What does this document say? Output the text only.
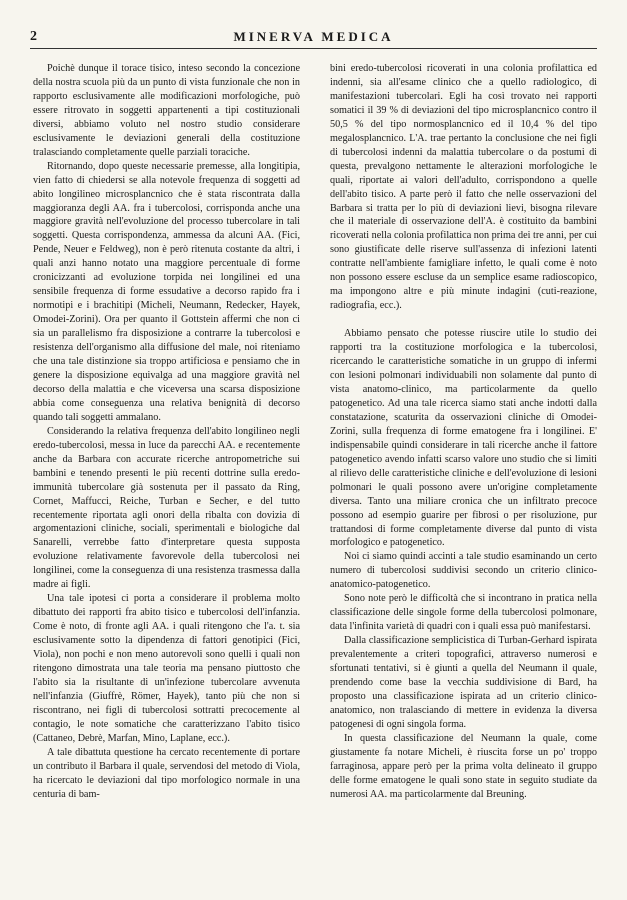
2	MINERVA MEDICA

Poichè dunque il torace tisico, inteso secondo la concezione della nostra scuola più da un punto di vista funzionale che non in rapporto esclusivamente alle modificazioni morfologiche, può essere ritrovato in soggetti appartenenti a tipi costituzionali diversi, abbiamo voluto nel nostro studio considerare esclusivamente le deviazioni generali della costituzione tralasciando completamente quelle parziali toraciche.

Ritornando, dopo queste necessarie premesse, alla longitipia, vien fatto di chiedersi se alla notevole frequenza di soggetti ad abito longilineo microsplancnico che è stata riscontrata dalla maggioranza degli AA. fra i tubercolosi, corrisponda anche una maggiore gravità nell'evoluzione del processo tubercolare in tali soggetti. Questa corrispondenza, ammessa da alcuni AA. (Fici, Pende, Neuer e Feldweg), non è però ritenuta costante da altri, i quali anzi hanno notato una maggiore percentuale di forme cronicizzanti ad evoluzione torpida nei longilinei ed una sensibile frequenza di forme essudative a decorso rapido fra i normotipi e i brachitipi (Micheli, Neumann, Redecker, Hayek, Omodei-Zorini). Ora per quanto il Gottstein affermi che non ci sia un parallelismo fra disposizione a contrarre la tubercolosi e resistenza dell'organismo alla diffusione del male, noi riteniamo che una tale distinzione sia troppo artificiosa e pensiamo che in genere la disposizione equivalga ad una maggiore gravità nel decorso della malattia e che viceversa una scarsa disposizione abbia come conseguenza una relativa benignità di decorso quando tali soggetti ammalano.

Considerando la relativa frequenza dell'abito longilineo negli eredo-tubercolosi, messa in luce da parecchi AA. e recentemente anche da Barbara con accurate ricerche antropometriche sui bambini e tenendo presenti le più recenti dottrine sulla eredo-immunità tubercolare già sostenuta per il passato da Ring, Cornet, Maffucci, Reiche, Turban e Secher, e del tutto recentemente riportata agli onori della ribalta con dovizia di argomentazioni cliniche, sociali, sperimentali e biologiche dal Sanarelli, verrebbe fatto d'interpretare questa supposta evoluzione relativamente favorevole della tubercolosi nei longilinei, come la conseguenza di una resistenza trasmessa dalla madre ai figli.

Una tale ipotesi ci porta a considerare il problema molto dibattuto dei rapporti fra abito tisico e tubercolosi dell'infanzia. Come è noto, di fronte agli AA. i quali ritengono che l'a. t. sia esclusivamente sotto la dipendenza di fattori genotipici (Fici, Viola), non pochi e non meno autorevoli sono quelli i quali non ritengono dimostrata una tale teoria ma pensano piuttosto che l'abito sia la risultante di un'infezione tubercolare avvenuta nell'infanzia (Giuffrè, Römer, Hayek), tanto più che non si riscontrano, nei figli di tubercolosi sottratti precocemente al contagio, le note somatiche che caratterizzano l'abito tisico (Cattaneo, Debrè, Marfan, Mino, Laplane, ecc.).

A tale dibattuta questione ha cercato recentemente di portare un contributo il Barbara il quale, servendosi del metodo di Viola, ha ricercato le deviazioni dal tipo morfologico normale in una centuria di bam-

bini eredo-tubercolosi ricoverati in una colonia profilattica ed indenni, sia all'esame clinico che a quello radiologico, di manifestazioni tubercolari. Egli ha così trovato nei rapporti somatici il 39 % di deviazioni del tipo microsplancnico contro il 50,5 % del tipo normosplancnico ed il 10,4 % del tipo megalosplancnico. L'A. trae pertanto la conclusione che nei figli di tubercolosi indenni da malattia tubercolare o da postumi di questa, prevalgono nettamente le alterazioni morfologiche le quali, riportate ai valori dell'adulto, corrispondono a quelle dell'abito tisico. A parte però il fatto che nelle osservazioni del Barbara si tratta per lo più di deviazioni lievi, bisogna rilevare che il materiale di osservazione dell'A. è costituito da bambini ricoverati nella colonia profilattica non prima dei tre anni, per cui sono giustificate delle riserve sull'assenza di infezioni latenti contratte nell'ambiente famigliare infetto, le quali come è noto non possono essere escluse da un semplice esame radioscopico, ma impongono altre e più minute indagini (cuti-reazione, radiografia, ecc.).

Abbiamo pensato che potesse riuscire utile lo studio dei rapporti tra la costituzione morfologica e la tubercolosi, ricercando le caratteristiche somatiche in un gruppo di infermi con lesioni polmonari individuabili non solamente dal punto di vista anatomo-clinico, ma particolarmente da quello patogenetico. Ad una tale ricerca siamo stati anche indotti dalla constatazione, scaturita da osservazioni cliniche di Omodei-Zorini, sulla frequenza di forme ematogene fra i longilinei. E' indispensabile quindi considerare in tali ricerche anche il fattore patogenetico avendo infatti scarso valore uno studio che si limiti al rilievo delle caratteristiche cliniche e dell'evoluzione di lesioni polmonari le quali possono avere un'origine completamente diversa. Tanto una miliare cronica che un infiltrato precoce possono ad esempio guarire per fibrosi o per risoluzione, pur trattandosi di forme completamente diverse dal punto di vista morfologico e patogenetico.

Noi ci siamo quindi accinti a tale studio esaminando un certo numero di tubercolosi suddivisi secondo un criterio clinico-anatomico-patogenetico.

Sono note però le difficoltà che si incontrano in pratica nella classificazione delle singole forme della tubercolosi polmonare, data l'infinita varietà di quadri con i quali essa può manifestarsi.

Dalla classificazione semplicistica di Turban-Gerhard ispirata prevalentemente a criteri topografici, attraverso numerosi e sfortunati tentativi, si è giunti a quella del Neumann il quale, prendendo come base la vecchia suddivisione di Bard, ha proposto una classificazione ispirata ad un criterio clinico-anatomico, non tralasciando di mettere in evidenza la diversa patogenesi di ogni singola forma.

In questa classificazione del Neumann la quale, come giustamente fa notare Micheli, è riuscita forse un po' troppo farraginosa, appare però per la prima volta delineato il gruppo delle forme ematogene le quali sono state in seguito studiate da numerosi AA. ma particolarmente dal Breuning.
